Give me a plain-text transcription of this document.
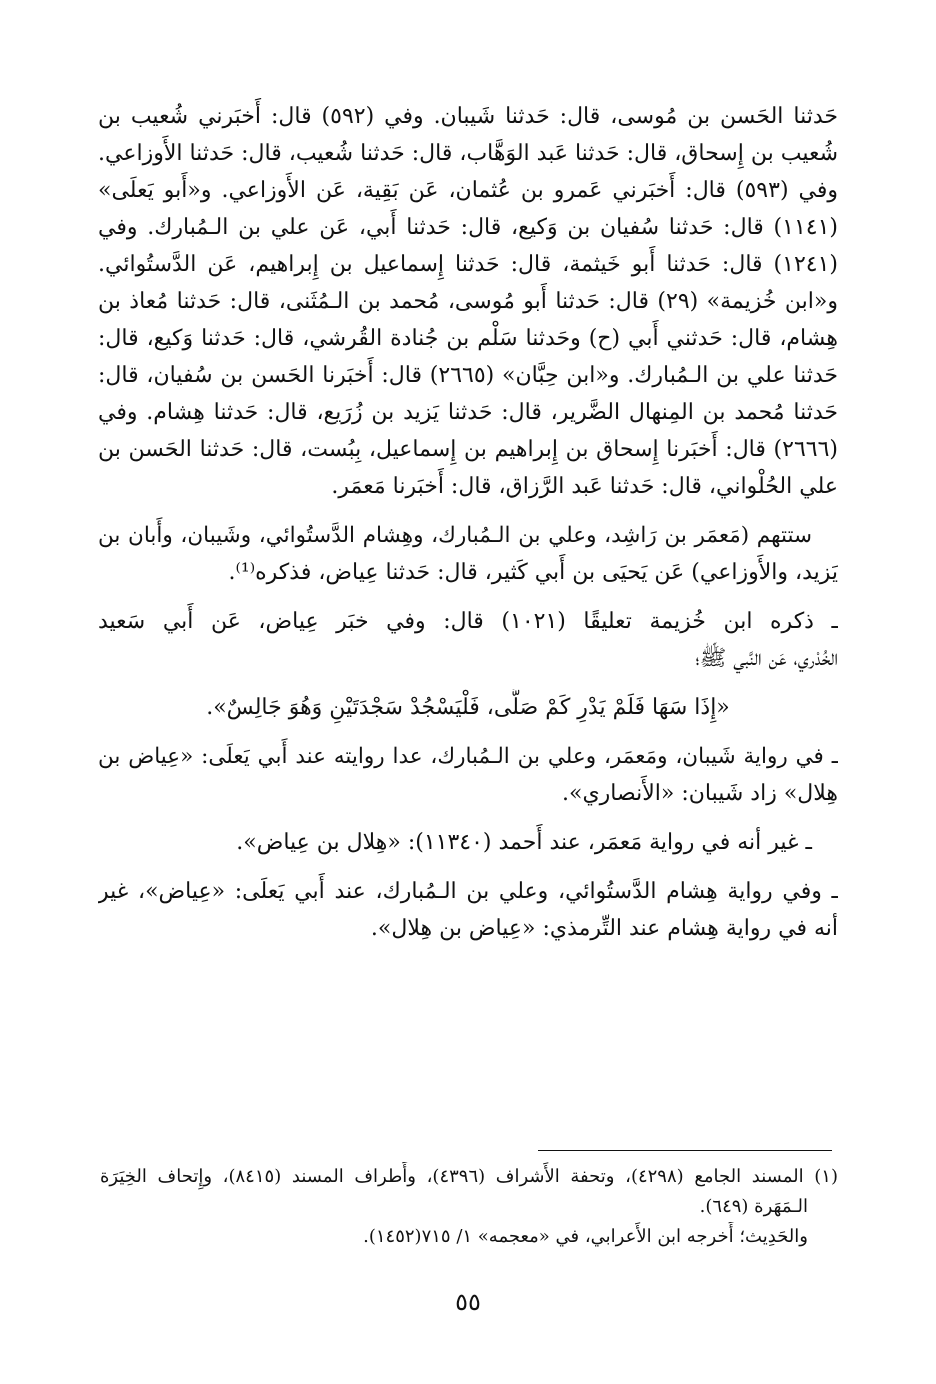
حَدثنا الحَسن بن مُوسى، قال: حَدثنا شَيبان. وفي (٥٩٢) قال: أَخبَرني شُعيب بن
شُعيب بن إِسحاق، قال: حَدثنا عَبد الوَهَّاب، قال: حَدثنا شُعيب، قال: حَدثنا الأَوزاعي.
وفي (٥٩٣) قال: أَخبَرني عَمرو بن عُثمان، عَن بَقِية، عَن الأَوزاعي. و«أَبو يَعلَى»
(١١٤١) قال: حَدثنا سُفيان بن وَكيع، قال: حَدثنا أَبي، عَن علي بن الـمُبارك. وفي
(١٢٤١) قال: حَدثنا أَبو خَيثمة، قال: حَدثنا إِسماعيل بن إِبراهيم، عَن الدَّستُوائي.
و«ابن خُزيمة» (٢٩) قال: حَدثنا أَبو مُوسى، مُحمد بن الـمُثَنى، قال: حَدثنا مُعاذ بن
هِشام، قال: حَدثني أَبي (ح) وحَدثنا سَلْم بن جُنادة القُرشي، قال: حَدثنا وَكيع، قال:
حَدثنا علي بن الـمُبارك. و«ابن حِبَّان» (٢٦٦٥) قال: أَخبَرنا الحَسن بن سُفيان، قال:
حَدثنا مُحمد بن المِنهال الضَّرير، قال: حَدثنا يَزيد بن زُرَيع، قال: حَدثنا هِشام. وفي
(٢٦٦٦) قال: أَخبَرنا إِسحاق بن إِبراهيم بن إِسماعيل، بِبُست، قال: حَدثنا الحَسن بن
علي الحُلْواني، قال: حَدثنا عَبد الرَّزاق، قال: أَخبَرنا مَعمَر.
ستتهم (مَعمَر بن رَاشِد، وعلي بن الـمُبارك، وهِشام الدَّستُوائي، وشَيبان، وأَبان بن
يَزيد، والأَوزاعي) عَن يَحيَى بن أَبي كَثير، قال: حَدثنا عِياض، فذكره⁽¹⁾.
ـ ذكره ابن خُزيمة تعليقًا (١٠٢١) قال: وفي خبَر عِياض، عَن أَبي سَعيد
الخُدْري، عَن النَّبي ﷺ؛
«إِذَا سَهَا فَلَمْ يَدْرِ كَمْ صَلَّى، فَلْيَسْجُدْ سَجْدَتَيْنِ وَهُوَ جَالِسٌ».
ـ في رواية شَيبان، ومَعمَر، وعلي بن الـمُبارك، عدا روايته عند أَبي يَعلَى: «عِياض بن
هِلال» زاد شَيبان: «الأَنصاري».
ـ غير أنه في رواية مَعمَر، عند أَحمد (١١٣٤٠): «هِلال بن عِياض».
ـ وفي رواية هِشام الدَّستُوائي، وعلي بن الـمُبارك، عند أَبي يَعلَى: «عِياض»، غير
أنه في رواية هِشام عند التِّرمذي: «عِياض بن هِلال».
(١) المسند الجامع (٤٢٩٨)، وتحفة الأَشراف (٤٣٩٦)، وأَطراف المسند (٨٤١٥)، وإِتحاف الخِيَرَة
الـمَهَرة (٦٤٩).
والحَدِيث؛ أَخرجه ابن الأَعرابي، في «معجمه» ١/ ٧١٥(١٤٥٢).
٥٥
